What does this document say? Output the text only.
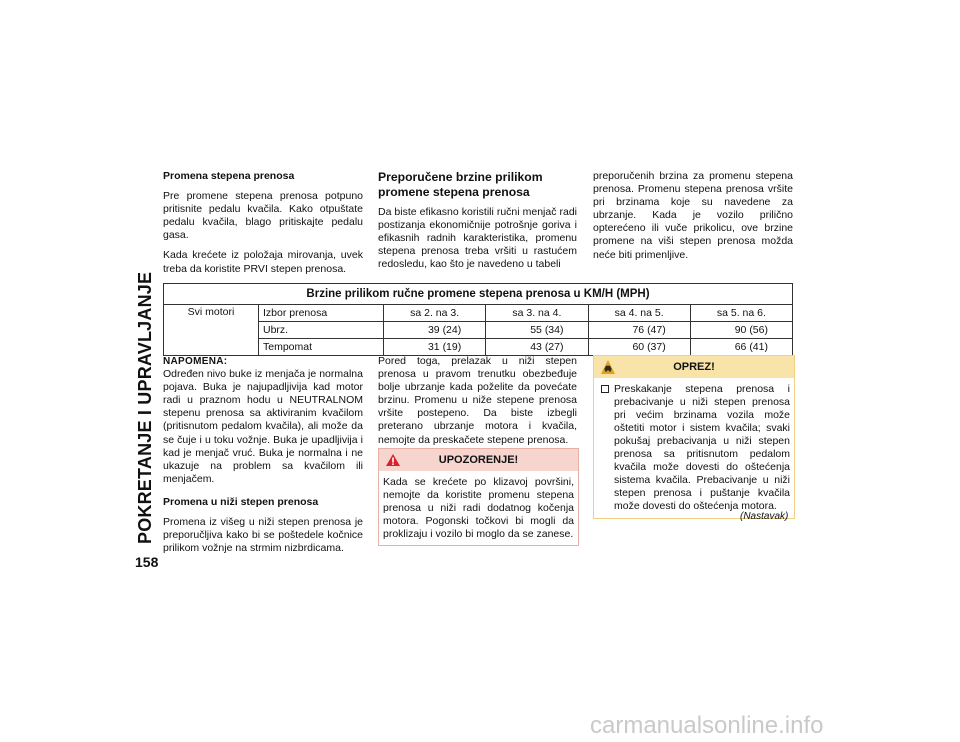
POKRETANJE I UPRAVLJANJE
Promena stepena prenosa

Pre promene stepena prenosa potpuno pritisnite pedalu kvačila. Kako otpuštate pedalu kvačila, blago pritiskajte pedalu gasa.

Kada krećete iz položaja mirovanja, uvek treba da koristite PRVI stepen prenosa.

Preporučene brzine prilikom promene stepena prenosa

Da biste efikasno koristili ručni menjač radi postizanja ekonomičnije potrošnje goriva i efikasnih radnih karakteristika, promenu stepena prenosa treba vršiti u rastućem redosledu, kao što je navedeno u tabeli

preporučenih brzina za promenu stepena prenosa. Promenu stepena prenosa vršite pri brzinama koje su navedene za ubrzanje. Kada je vozilo prilično opterećeno ili vuče prikolicu, ove brzine promene na viši stepen prenosa možda neće biti primenljive.

Brzine prilikom ručne promene stepena prenosa u KM/H (MPH)					
Svi motori	Izbor prenosa	sa 2. na 3.	sa 3. na 4.	sa 4. na 5.	sa 5. na 6.
	Ubrz.	39 (24)	55 (34)	76 (47)	90 (56)
	Tempomat	31 (19)	43 (27)	60 (37)	66 (41)
NAPOMENA:

Određen nivo buke iz menjača je normalna pojava. Buka je najupadljivija kad motor radi u praznom hodu u NEUTRALNOM stepenu prenosa sa aktiviranim kvačilom (pritisnutom pedalom kvačila), ali može da se čuje i u toku vožnje. Buka je upadljivija i kad je menjač vruć. Buka je normalna i ne ukazuje na problem sa kvačilom ili menjačem.

Promena u niži stepen prenosa

Promena iz višeg u niži stepen prenosa je preporučljiva kako bi se poštedele kočnice prilikom vožnje na strmim nizbrdicama.

Pored toga, prelazak u niži stepen prenosa u pravom trenutku obezbeđuje bolje ubrzanje kada poželite da povećate brzinu. Promenu u niže stepene prenosa vršite postepeno. Da biste izbegli preterano ubrzanje motora i kvačila, nemojte da preskačete stepene prenosa.

UPOZORENJE!
Kada se krećete po klizavoj površini, nemojte da koristite promenu stepena prenosa u niži radi dodatnog kočenja motora. Pogonski točkovi bi mogli da proklizaju i vozilo bi moglo da se zanese.
OPREZ!
Preskakanje stepena prenosa i prebacivanje u niži stepen prenosa pri većim brzinama vozila može oštetiti motor i sistem kvačila; svaki pokušaj prebacivanja u niži stepen prenosa sa pritisnutom pedalom kvačila može dovesti do oštećenja sistema kvačila. Prebacivanje u niži stepen prenosa i puštanje kvačila može dovesti do oštećenja motora.
(Nastavak)
158
carmanualsonline.info
